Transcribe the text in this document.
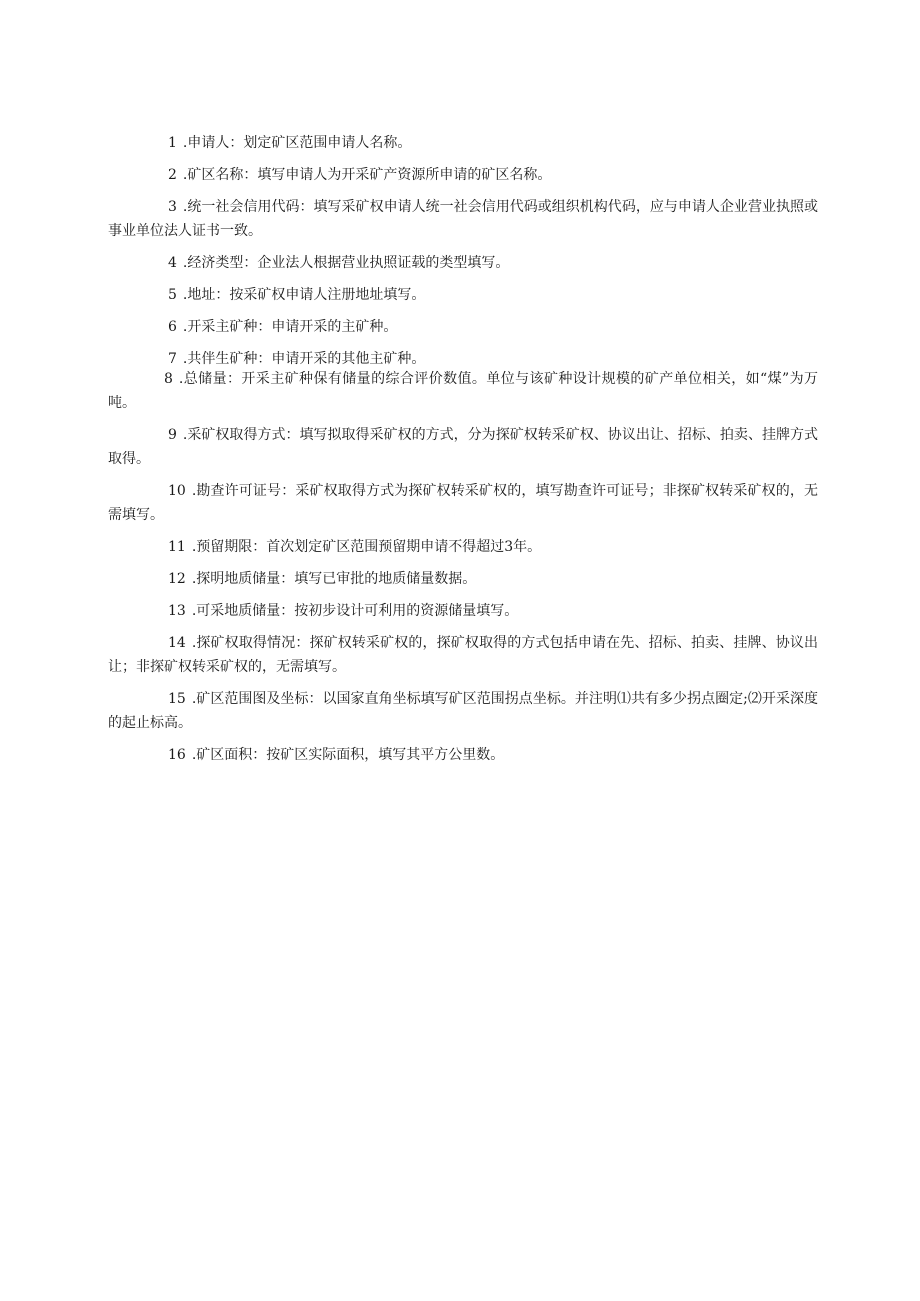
1 .申请人：划定矿区范围申请人名称。

2 .矿区名称：填写申请人为开采矿产资源所申请的矿区名称。

3 .统一社会信用代码：填写采矿权申请人统一社会信用代码或组织机构代码，应与申请人企业营业执照或事业单位法人证书一致。

4 .经济类型：企业法人根据营业执照证载的类型填写。

5 .地址：按采矿权申请人注册地址填写。

6 .开采主矿种：申请开采的主矿种。

7 .共伴生矿种：申请开采的其他主矿种。

8 .总储量：开采主矿种保有储量的综合评价数值。单位与该矿种设计规模的矿产单位相关，如“煤”为万吨。

9 .采矿权取得方式：填写拟取得采矿权的方式，分为探矿权转采矿权、协议出让、招标、拍卖、挂牌方式取得。

10 .勘查许可证号：采矿权取得方式为探矿权转采矿权的，填写勘查许可证号；非探矿权转采矿权的，无需填写。

11 .预留期限：首次划定矿区范围预留期申请不得超过3年。

12 .探明地质储量：填写已审批的地质储量数据。

13 .可采地质储量：按初步设计可利用的资源储量填写。

14 .探矿权取得情况：探矿权转采矿权的，探矿权取得的方式包括申请在先、招标、拍卖、挂牌、协议出让；非探矿权转采矿权的，无需填写。

15 .矿区范围图及坐标：以国家直角坐标填写矿区范围拐点坐标。并注明⑴共有多少拐点圈定;⑵开采深度的起止标高。

16 .矿区面积：按矿区实际面积，填写其平方公里数。
